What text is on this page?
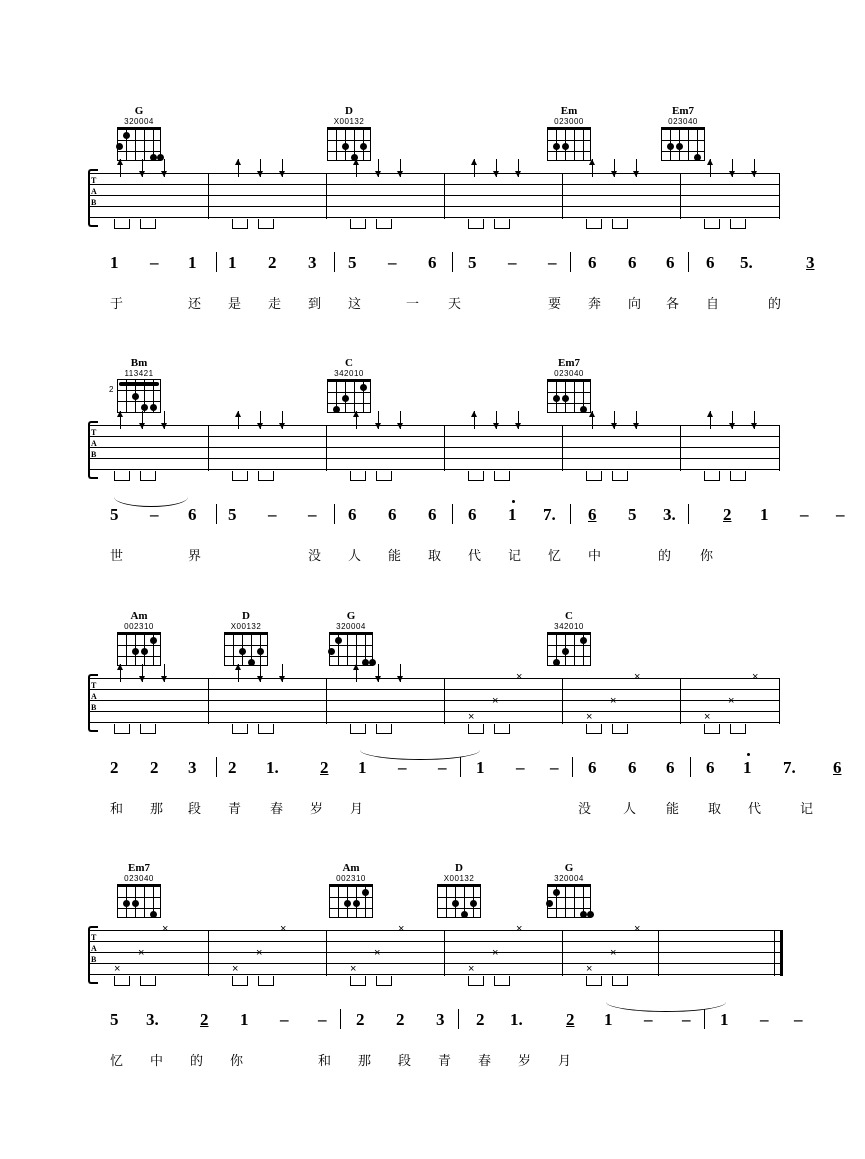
G
320004
D
X00132
Em
023000
Em7
023040
T
A
B
1 – 1 1 2 3 5 – 6 5 – – 6 6 6 6 5.	3
于	还 是 走 到 这	一 天	要 奔 向 各 自	的
Bm
113421
2
C
342010
Em7
023040
T
A
B
5 – 6 5 – – 6 6 6 6 1 7. 6 5 3.	2 1 – –
世	界	没 人 能 取 代 记 忆 中	的 你
Am
002310
D
X00132
G
320004
C
342010
T
A
B
×
×
×
×
×
×
×
×
×
2 2 3 2 1. 2 1 – – 1 – – 6 6 6 6 1 7. 6
和 那 段 青 春 岁 月	没 人 能 取 代	记
Em7
023040
Am
002310
D
X00132
G
320004
T
A
B
×
×
×
×
×
×
×
×
×
×
×
×
×
×
×
5 3. 2 1 – – 2 2 3 2 1.	2 1 – – 1 – –
忆 中 的 你	和 那 段 青 春 岁 月
